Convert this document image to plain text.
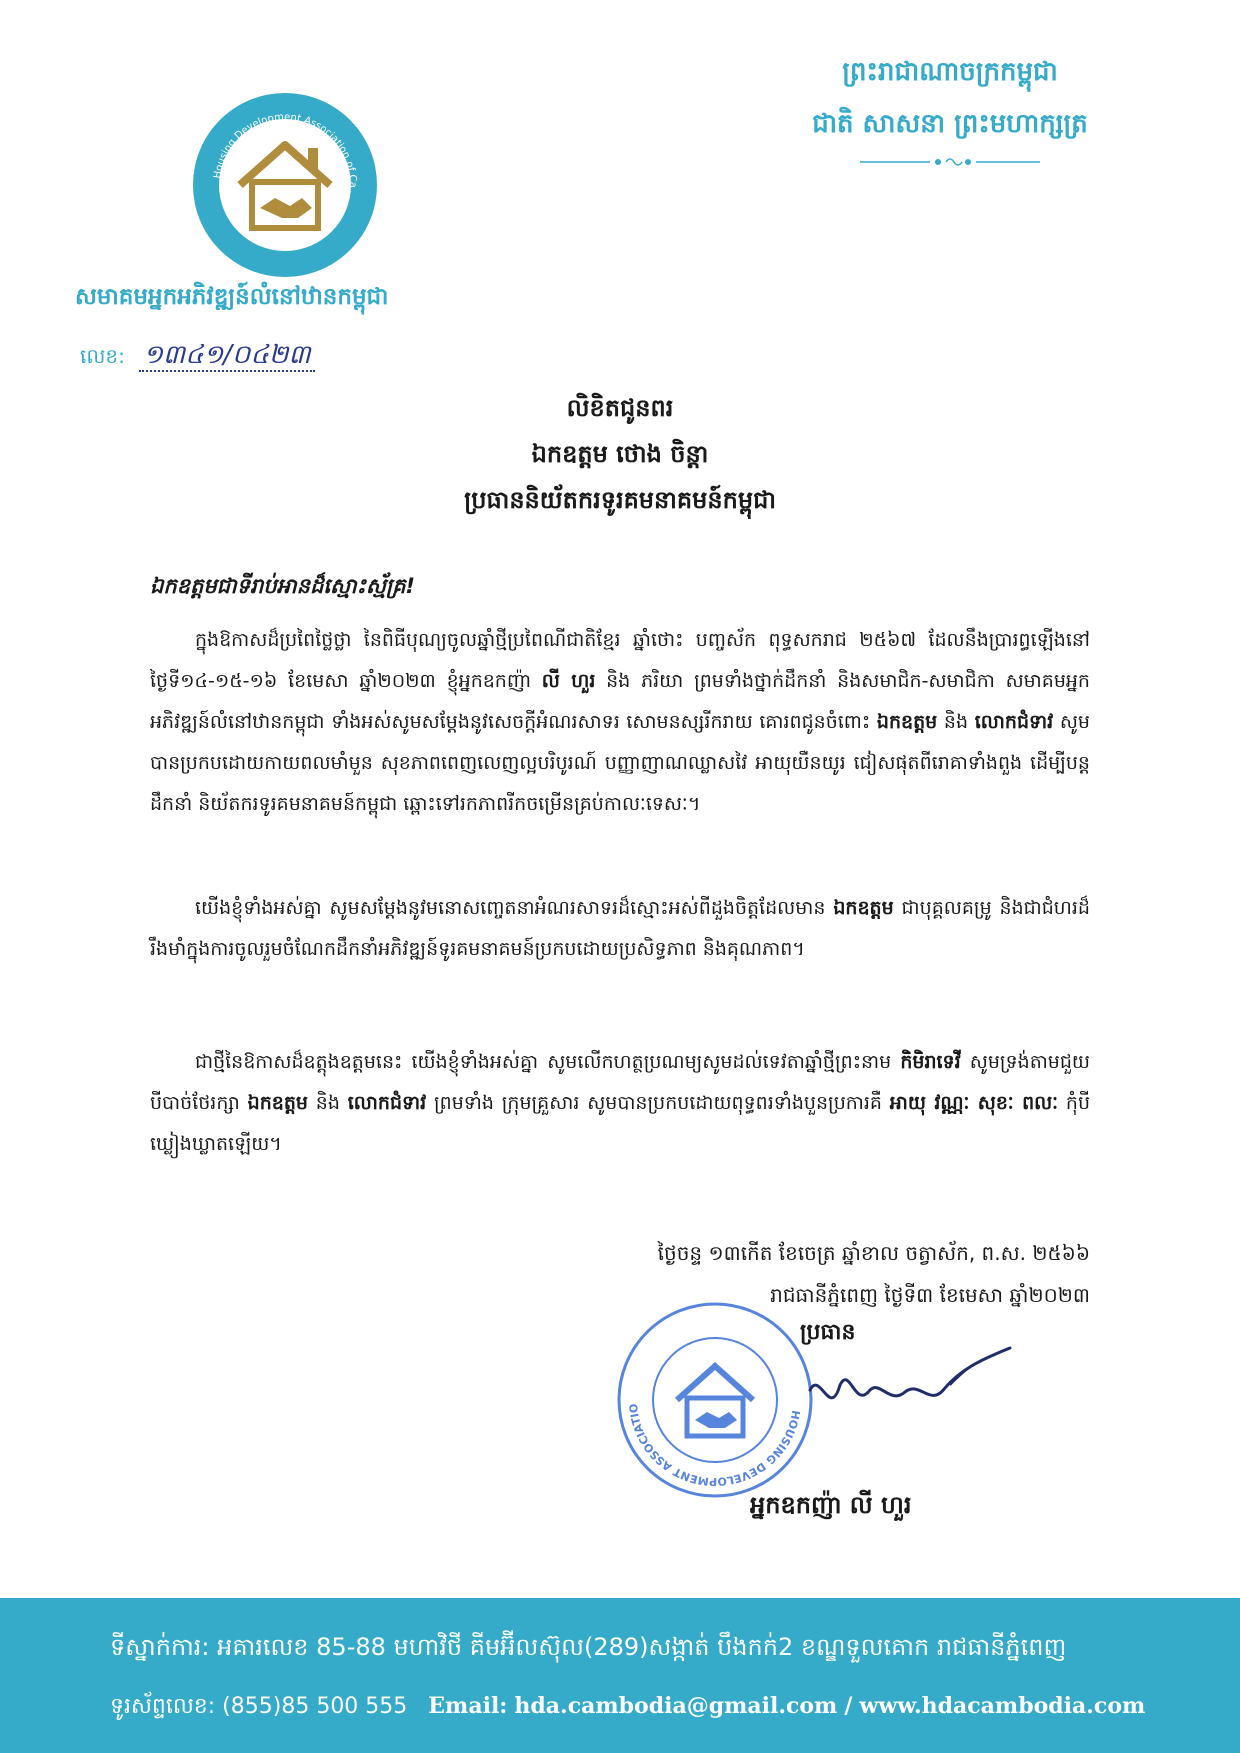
ព្រះរាជាណាចក្រកម្ពុជា
ជាតិ សាសនា ព្រះមហាក្សត្រ
Housing Development Association of Ca
សមាគមអ្នកអភិវឌ្ឍន៍លំនៅឋានកម្ពុជា
លេខ: ១៣៤១/០៤២៣
លិខិតជូនពរ
ឯកឧត្តម ថោង ចិន្តា
ប្រធាននិយ័តករទូរគមនាគមន៍កម្ពុជា
ឯកឧត្តមជាទីរាប់អានដ៏ស្មោះស្ម័គ្រ!
ក្នុងឱកាសដ៏ប្រពៃថ្លៃថ្លា នៃពិធីបុណ្យចូលឆ្នាំថ្មីប្រពៃណីជាតិខ្មែរ ឆ្នាំថោះ បញ្ចស័ក ពុទ្ធសករាជ ២៥៦៧ ដែលនឹងប្រារព្ធឡើងនៅថ្ងៃទី១៤-១៥-១៦ ខែមេសា ឆ្នាំ២០២៣ ខ្ញុំអ្នកឧកញ៉ា លី ហួរ និង ភរិយា ព្រមទាំងថ្នាក់ដឹកនាំ និងសមាជិក-សមាជិកា សមាគមអ្នកអភិវឌ្ឍន៍លំនៅឋានកម្ពុជា ទាំងអស់សូមសម្តែងនូវសេចក្តីអំណរសាទរ សោមនស្សរីករាយ គោរពជូនចំពោះ ឯកឧត្តម និង លោកជំទាវ សូមបានប្រកបដោយកាយពលមាំមួន សុខភាពពេញលេញល្អបរិបូរណ៍ បញ្ញាញាណឈ្លាសវៃ អាយុយឺនយូរ ជៀសផុតពីរោគាទាំងពួង ដើម្បីបន្តដឹកនាំ និយ័តករទូរគមនាគមន៍កម្ពុជា ឆ្ពោះទៅរកភាពរីកចម្រើនគ្រប់កាលៈទេសៈ។
យើងខ្ញុំទាំងអស់គ្នា សូមសម្តែងនូវមនោសញ្ចេតនាអំណរសាទរដ៏ស្មោះអស់ពីដួងចិត្តដែលមាន ឯកឧត្តម ជាបុគ្គលគម្រូ និងជាជំហរដ៏រឹងមាំក្នុងការចូលរួមចំណែកដឹកនាំអភិវឌ្ឍន៍ទូរគមនាគមន៍ប្រកបដោយប្រសិទ្ធភាព និងគុណភាព។
ជាថ្មីនៃឱកាសដ៏ឧត្តុងឧត្តមនេះ យើងខ្ញុំទាំងអស់គ្នា សូមលើកហត្ថប្រណម្យសូមដល់ទេវតាឆ្នាំថ្មីព្រះនាម កិមិរាទេវី សូមទ្រង់តាមជួយបីបាច់ថែរក្សា ឯកឧត្តម និង លោកជំទាវ ព្រមទាំង ក្រុមគ្រួសារ សូមបានប្រកបដោយពុទ្ធពរទាំងបួនប្រការគឺ អាយុ វណ្ណៈ សុខៈ ពលៈ កុំបីឃ្លៀងឃ្លាតឡើយ។
ថ្ងៃចន្ទ ១៣កើត ខែចេត្រ ឆ្នាំខាល ចត្វាស័ក, ព.ស. ២៥៦៦
រាជធានីភ្នំពេញ ថ្ងៃទី៣ ខែមេសា ឆ្នាំ២០២៣
HOUSING DEVELOPMENT ASSOCIATIO
ប្រធាន
អ្នកឧកញ៉ា លី ហួរ
ទីស្នាក់ការ: អគារលេខ 85-88 មហាវិថី គីមអ៊ីលស៊ុល(289)សង្កាត់ បឹងកក់2 ខណ្ឌទួលគោក រាជធានីភ្នំពេញ
ទូរស័ព្ទលេខ: (855)85 500 555 Email: hda.cambodia@gmail.com / www.hdacambodia.com
